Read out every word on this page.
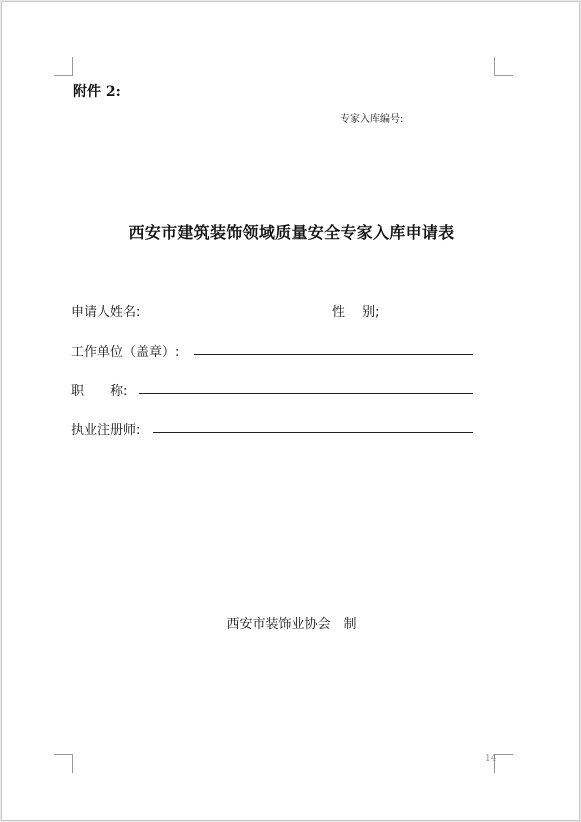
附件 2:
专家入库编号:
西安市建筑装饰领域质量安全专家入库申请表
申请人姓名:	性　 别;
工作单位（盖章）:
职　　称:
执业注册师:
西安市装饰业协会　制
14
